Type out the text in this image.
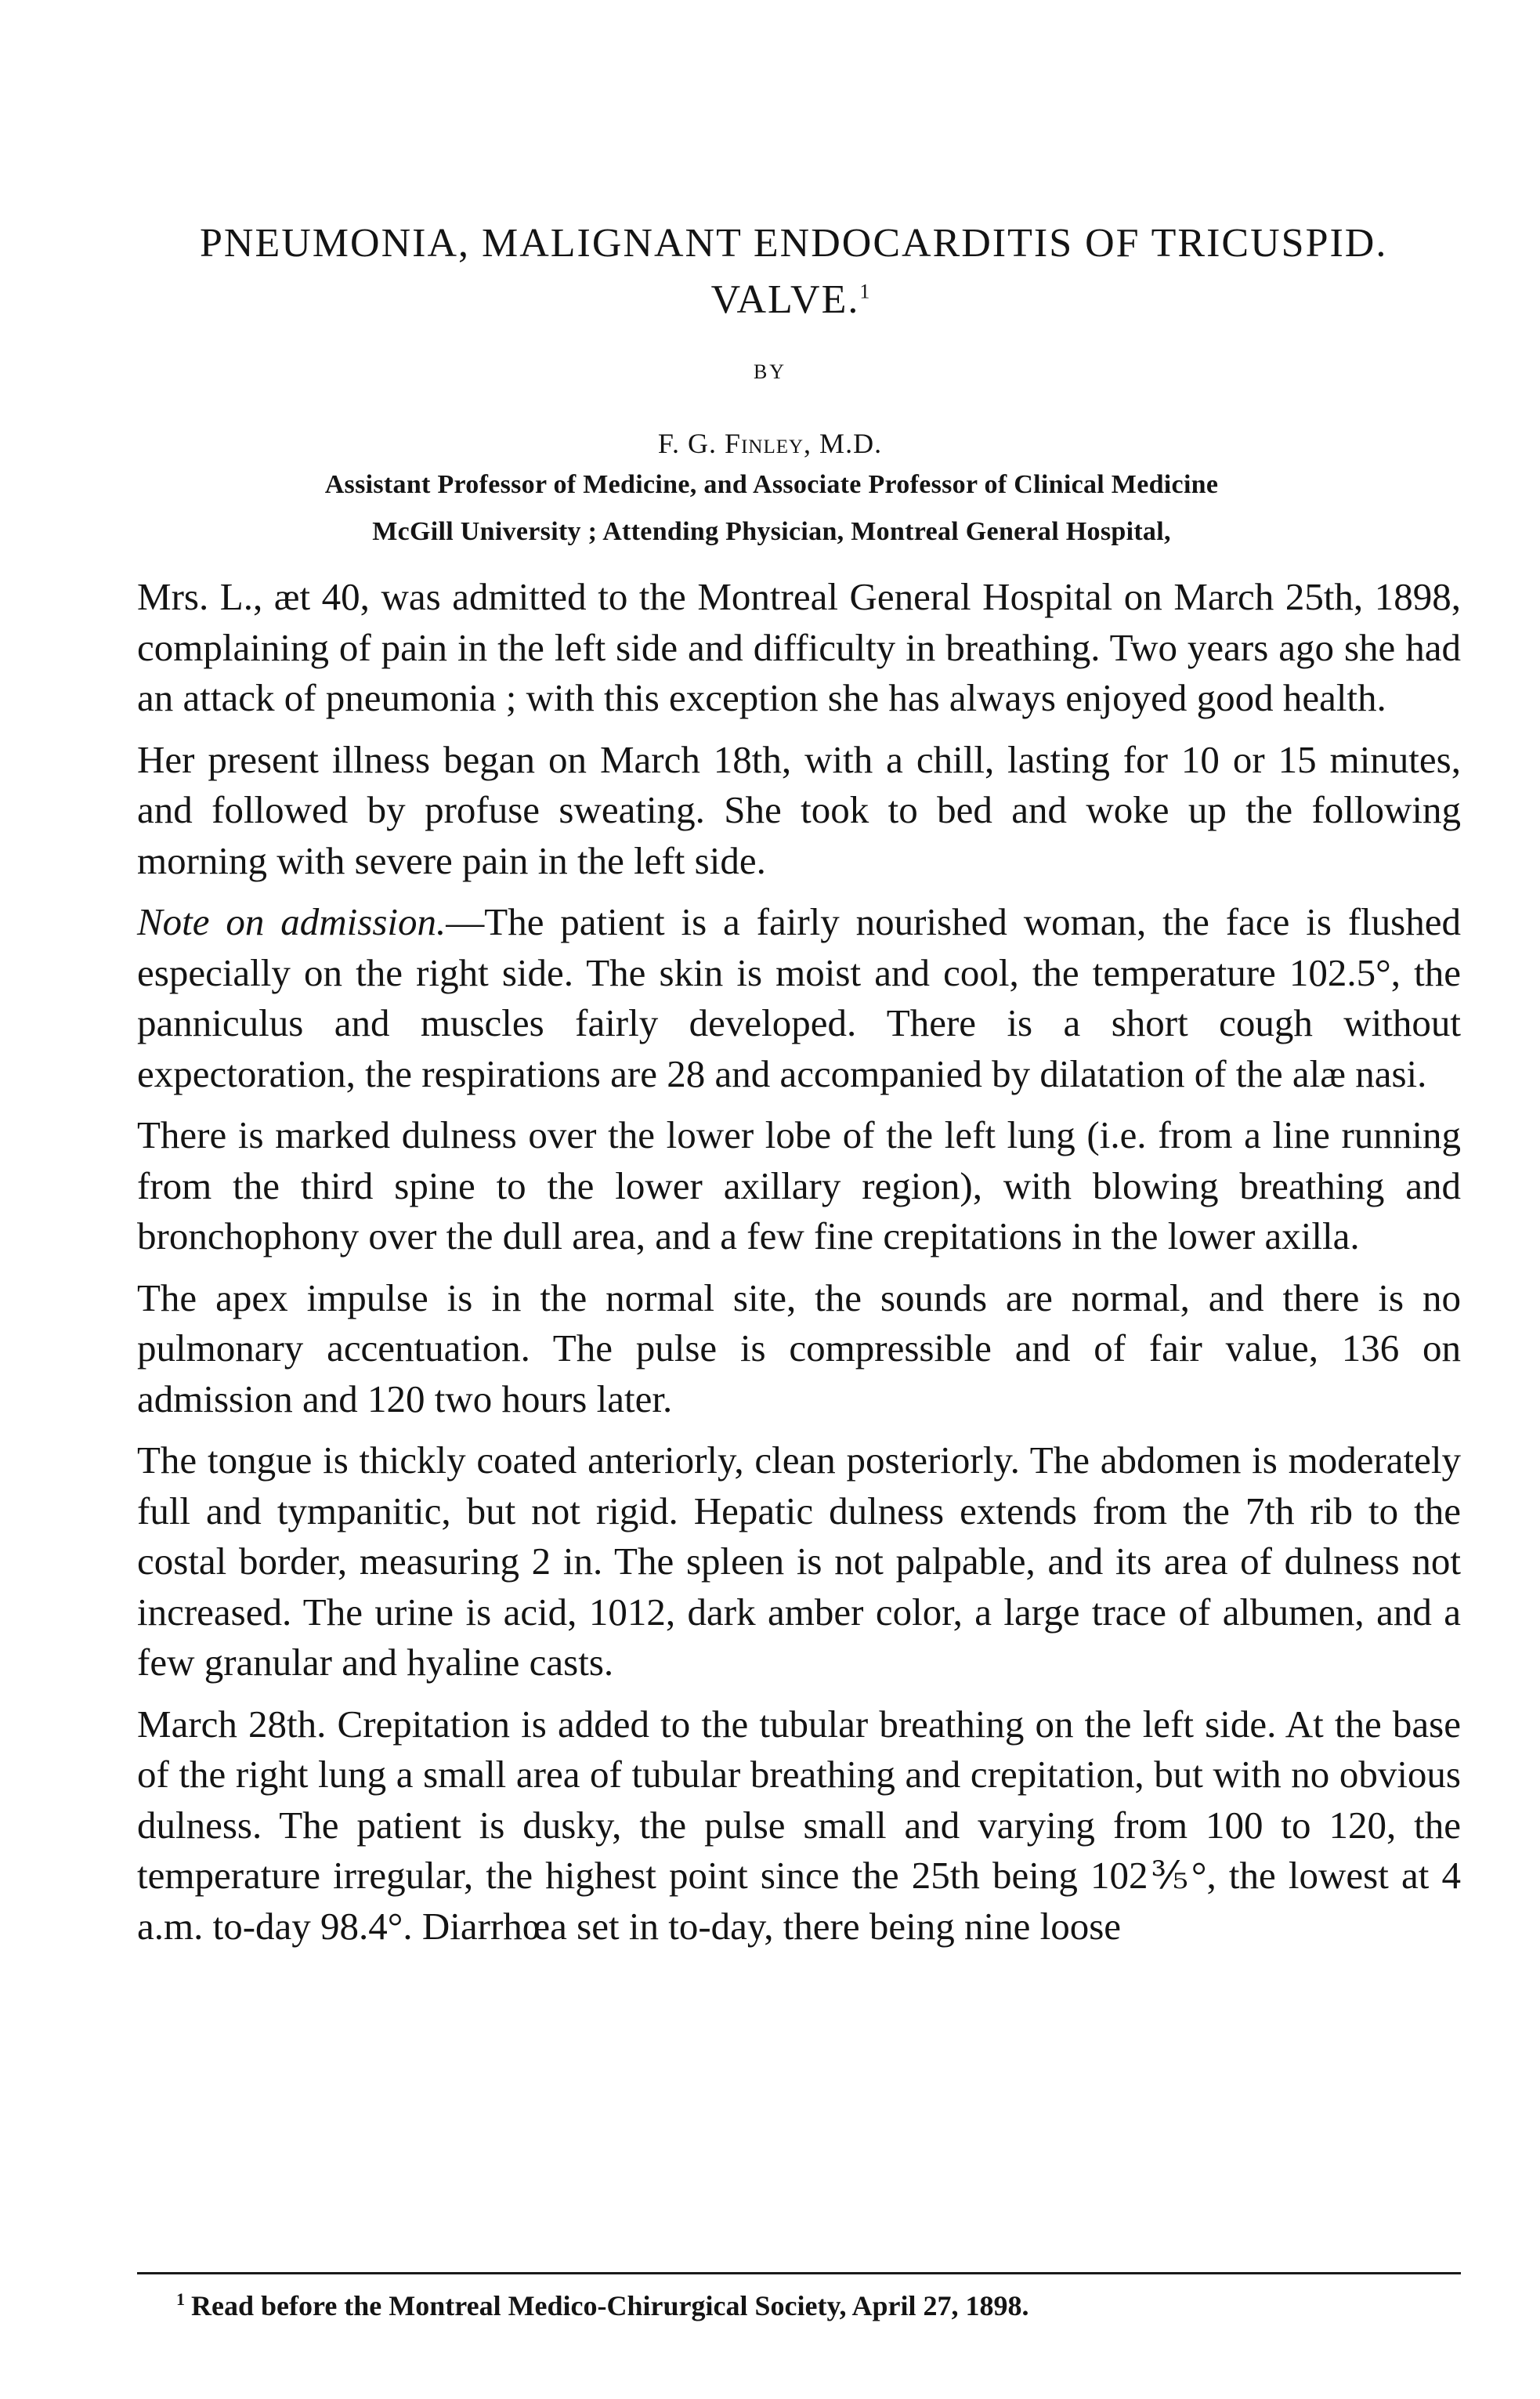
PNEUMONIA, MALIGNANT ENDOCARDITIS OF TRICUSPID.
VALVE.$^1$
BY
F. G. Finley, M.D.
Assistant Professor of Medicine, and Associate Professor of Clinical Medicine
McGill University ; Attending Physician, Montreal General Hospital,

Mrs. L., æt 40, was admitted to the Montreal General Hospital on March 25th, 1898, complaining of pain in the left side and difficulty in breathing. Two years ago she had an attack of pneumonia ; with this exception she has always enjoyed good health.

Her present illness began on March 18th, with a chill, lasting for 10 or 15 minutes, and followed by profuse sweating. She took to bed and woke up the following morning with severe pain in the left side.

Note on admission.—The patient is a fairly nourished woman, the face is flushed especially on the right side. The skin is moist and cool, the temperature 102.5°, the panniculus and muscles fairly developed. There is a short cough without expectoration, the respirations are 28 and accompanied by dilatation of the alæ nasi.

There is marked dulness over the lower lobe of the left lung (i.e. from a line running from the third spine to the lower axillary region), with blowing breathing and bronchophony over the dull area, and a few fine crepitations in the lower axilla.

The apex impulse is in the normal site, the sounds are normal, and there is no pulmonary accentuation. The pulse is compressible and of fair value, 136 on admission and 120 two hours later.

The tongue is thickly coated anteriorly, clean posteriorly. The abdomen is moderately full and tympanitic, but not rigid. Hepatic dulness extends from the 7th rib to the costal border, measuring 2 in. The spleen is not palpable, and its area of dulness not increased. The urine is acid, 1012, dark amber color, a large trace of albumen, and a few granular and hyaline casts.

March 28th. Crepitation is added to the tubular breathing on the left side. At the base of the right lung a small area of tubular breathing and crepitation, but with no obvious dulness. The patient is dusky, the pulse small and varying from 100 to 120, the temperature irregular, the highest point since the 25th being 102⅗°, the lowest at 4 a.m. to-day 98.4°. Diarrhœa set in to-day, there being nine loose

$^1$ Read before the Montreal Medico-Chirurgical Society, April 27, 1898.
